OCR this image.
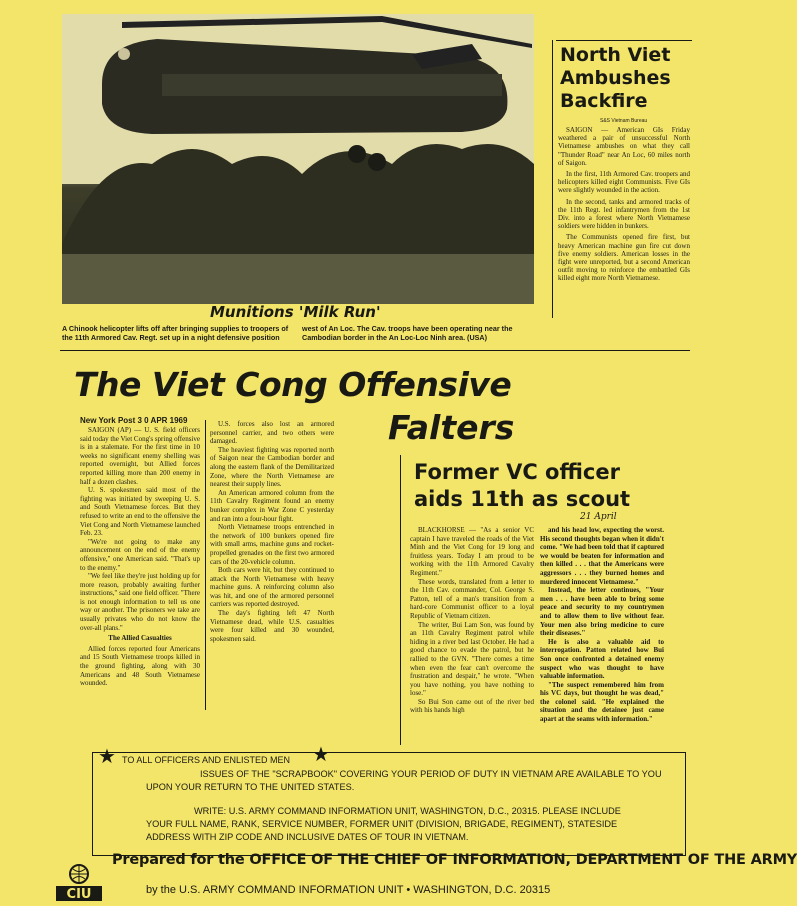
Munitions 'Milk Run'
A Chinook helicopter lifts off after bringing supplies to troopers of the 11th Armored Cav. Regt. set up in a night defensive position west of An Loc. The Cav. troops have been operating near the Cambodian border in the An Loc-Loc Ninh area. (USA)
North Viet Ambushes Backfire
S&S Vietnam Bureau

SAIGON — American GIs Friday weathered a pair of unsuccessful North Vietnamese ambushes on what they call "Thunder Road" near An Loc, 60 miles north of Saigon.

In the first, 11th Armored Cav. troopers and helicopters killed eight Communists. Five GIs were slightly wounded in the action.

In the second, tanks and armored tracks of the 11th Regt. led infantrymen from the 1st Div. into a forest where North Vietnamese soldiers were hidden in bunkers.

The Communists opened fire first, but heavy American machine gun fire cut down five enemy soldiers. American losses in the fight were unreported, but a second American outfit moving to reinforce the embattled GIs killed eight more North Vietnamese.

The Viet Cong Offensive
Falters
New York Post 3 0 APR 1969

SAIGON (AP) — U. S. field officers said today the Viet Cong's spring offensive is in a stalemate. For the first time in 10 weeks no significant enemy shelling was reported overnight, but Allied forces reported killing more than 200 enemy in half a dozen clashes.

U. S. spokesmen said most of the fighting was initiated by sweeping U. S. and South Vietnamese forces. But they refused to write an end to the offensive the Viet Cong and North Vietnamese launched Feb. 23.

"We're not going to make any announcement on the end of the enemy offensive," one American said. "That's up to the enemy."

"We feel like they're just holding up for more reason, probably awaiting further instructions," said one field officer. "There is not enough information to tell us one way or another. The prisoners we take are usually privates who do not know the over-all plans."

The Allied Casualties

Allied forces reported four Americans and 15 South Vietnamese troops killed in the ground fighting, along with 30 Americans and 48 South Vietnamese wounded.

U.S. forces also lost an armored personnel carrier, and two others were damaged.

The heaviest fighting was reported north of Saigon near the Cambodian border and along the eastern flank of the Demilitarized Zone, where the North Vietnamese are nearest their supply lines.

An American armored column from the 11th Cavalry Regiment found an enemy bunker complex in War Zone C yesterday and ran into a four-hour fight.

North Vietnamese troops entrenched in the network of 100 bunkers opened fire with small arms, machine guns and rocket-propelled grenades on the first two armored cars of the 20-vehicle column.

Both cars were hit, but they continued to attack the North Vietnamese with heavy machine guns. A reinforcing column also was hit, and one of the armored personnel carriers was reported destroyed.

The day's fighting left 47 North Vietnamese dead, while U.S. casualties were four killed and 30 wounded, spokesmen said.

Former VC officer aids 11th as scout
21 April

BLACKHORSE — "As a senior VC captain I have traveled the roads of the Viet Minh and the Viet Cong for 19 long and fruitless years. Today I am proud to be working with the 11th Armored Cavalry Regiment."

These words, translated from a letter to the 11th Cav. commander, Col. George S. Patton, tell of a man's transition from a hard-core Communist officer to a loyal Republic of Vietnam citizen.

The writer, Bui Lam Son, was found by an 11th Cavalry Regiment patrol while hiding in a river bed last October. He had a good chance to evade the patrol, but he rallied to the GVN. "There comes a time when even the fear can't overcome the frustration and despair," he wrote. "When you have nothing, you have nothing to lose."

So Bui Son came out of the river bed with his hands high

and his head low, expecting the worst. His second thoughts began when it didn't come. "We had been told that if captured we would be beaten for information and then killed . . . that the Americans were aggressors . . . they burned homes and murdered innocent Vietnamese."

Instead, the letter continues, "Your men . . . have been able to bring some peace and security to my countrymen and to allow them to live without fear. Your men also bring medicine to cure their diseases."

He is also a valuable aid to interrogation. Patton related how Bui Son once confronted a detained enemy suspect who was thought to have valuable information.

"The suspect remembered him from his VC days, but thought he was dead," the colonel said. "He explained the situation and the detainee just came apart at the seams with information."

★ TO ALL OFFICERS AND ENLISTED MEN ★
ISSUES OF THE "SCRAPBOOK" COVERING YOUR PERIOD OF DUTY IN VIETNAM ARE AVAILABLE TO YOU
UPON YOUR RETURN TO THE UNITED STATES.
WRITE: U.S. ARMY COMMAND INFORMATION UNIT, WASHINGTON, D.C., 20315. PLEASE INCLUDE
YOUR FULL NAME, RANK, SERVICE NUMBER, FORMER UNIT (DIVISION, BRIGADE, REGIMENT), STATESIDE
ADDRESS WITH ZIP CODE AND INCLUSIVE DATES OF TOUR IN VIETNAM.
CIU
Prepared for the OFFICE OF THE CHIEF OF INFORMATION, DEPARTMENT OF THE ARMY
by the U.S. ARMY COMMAND INFORMATION UNIT • WASHINGTON, D.C. 20315
